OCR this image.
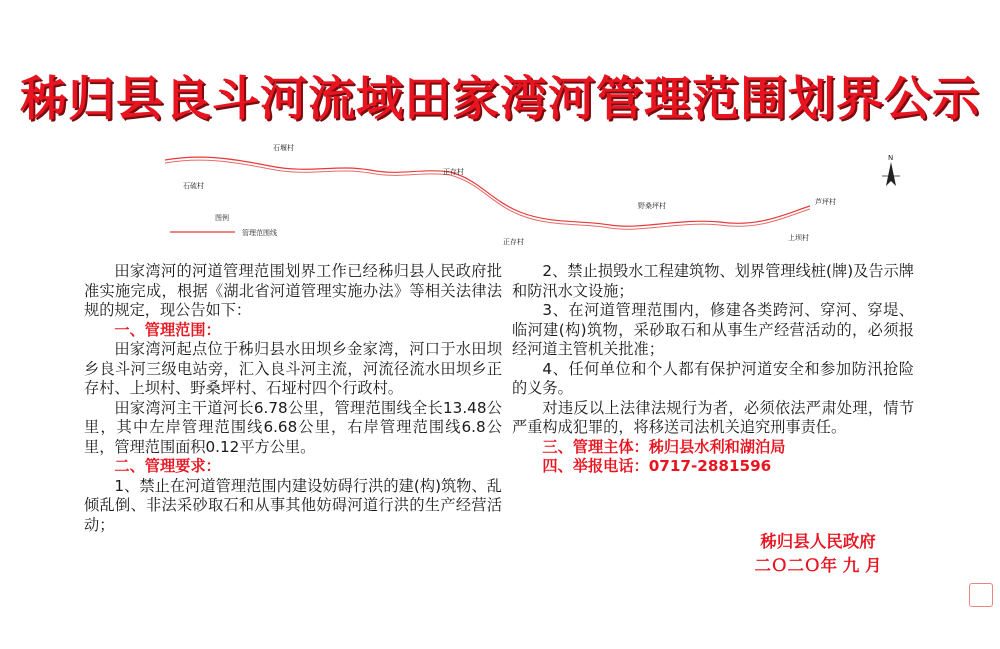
秭归县良斗河流域田家湾河管理范围划界公示
石堰村
石硫村
正存村
正存村
野桑坪村	芦坪村
上坝村
图例
管理范围线
N

田家湾河的河道管理范围划界工作已经秭归县人民政府批准实施完成，根据《湖北省河道管理实施办法》等相关法律法规的规定，现公告如下：

一、管理范围：

田家湾河起点位于秭归县水田坝乡金家湾，河口于水田坝乡良斗河三级电站旁，汇入良斗河主流，河流径流水田坝乡正存村、上坝村、野桑坪村、石垭村四个行政村。

田家湾河主干道河长6.78公里，管理范围线全长13.48公里，其中左岸管理范围线6.68公里，右岸管理范围线6.8公里，管理范围面积0.12平方公里。

二、管理要求：

1、禁止在河道管理范围内建设妨碍行洪的建(构)筑物、乱倾乱倒、非法采砂取石和从事其他妨碍河道行洪的生产经营活动；

2、禁止损毁水工程建筑物、划界管理线桩(牌)及告示牌和防汛水文设施；

3、在河道管理范围内，修建各类跨河、穿河、穿堤、临河建(构)筑物，采砂取石和从事生产经营活动的，必须报经河道主管机关批准；

4、任何单位和个人都有保护河道安全和参加防汛抢险的义务。

对违反以上法律法规行为者，必须依法严肃处理，情节严重构成犯罪的，将移送司法机关追究刑事责任。

三、管理主体：秭归县水利和湖泊局

四、举报电话：0717-2881596

秭归县人民政府
二Ｏ二Ｏ年 九 月
